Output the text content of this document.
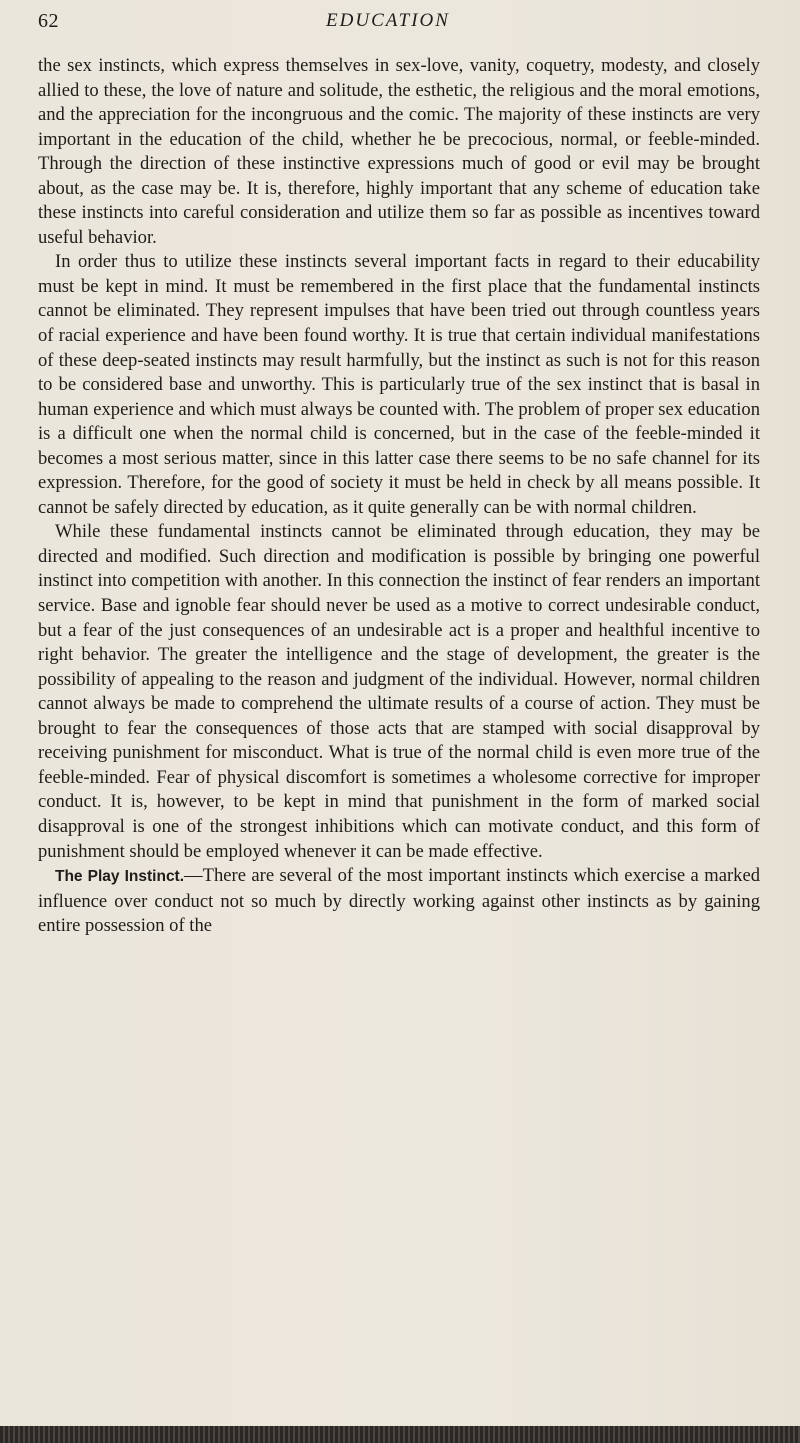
62	EDUCATION

the sex instincts, which express themselves in sex-love, vanity, coquetry, modesty, and closely allied to these, the love of nature and solitude, the esthetic, the religious and the moral emotions, and the appreciation for the incongruous and the comic. The majority of these instincts are very important in the education of the child, whether he be precocious, normal, or feeble-minded. Through the direction of these instinctive expressions much of good or evil may be brought about, as the case may be. It is, therefore, highly important that any scheme of education take these instincts into careful consideration and utilize them so far as possible as incentives toward useful behavior.

In order thus to utilize these instincts several important facts in regard to their educability must be kept in mind. It must be remembered in the first place that the fundamental instincts cannot be eliminated. They represent impulses that have been tried out through countless years of racial experience and have been found worthy. It is true that certain individual manifestations of these deep-seated instincts may result harmfully, but the instinct as such is not for this reason to be considered base and unworthy. This is particularly true of the sex instinct that is basal in human experience and which must always be counted with. The problem of proper sex education is a difficult one when the normal child is concerned, but in the case of the feeble-minded it becomes a most serious matter, since in this latter case there seems to be no safe channel for its expression. Therefore, for the good of society it must be held in check by all means possible. It cannot be safely directed by education, as it quite generally can be with normal children.

While these fundamental instincts cannot be eliminated through education, they may be directed and modified. Such direction and modification is possible by bringing one powerful instinct into competition with another. In this connection the instinct of fear renders an important service. Base and ignoble fear should never be used as a motive to correct undesirable conduct, but a fear of the just consequences of an undesirable act is a proper and healthful incentive to right behavior. The greater the intelligence and the stage of development, the greater is the possibility of appealing to the reason and judgment of the individual. However, normal children cannot always be made to comprehend the ultimate results of a course of action. They must be brought to fear the consequences of those acts that are stamped with social disapproval by receiving punishment for misconduct. What is true of the normal child is even more true of the feeble-minded. Fear of physical discomfort is sometimes a wholesome corrective for improper conduct. It is, however, to be kept in mind that punishment in the form of marked social disapproval is one of the strongest inhibitions which can motivate conduct, and this form of punishment should be employed whenever it can be made effective.

The Play Instinct.—There are several of the most important instincts which exercise a marked influence over conduct not so much by directly working against other instincts as by gaining entire possession of the
